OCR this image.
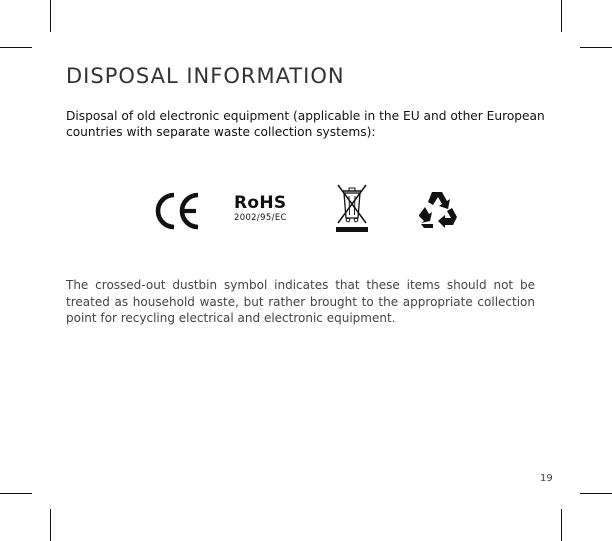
DISPOSAL INFORMATION

Disposal of old electronic equipment (applicable in the EU and other European countries with separate waste collection systems):

RoHS
2002/95/EC

The crossed-out dustbin symbol indicates that these items should not be treated as household waste, but rather brought to the appropriate collection point for recycling electrical and electronic equipment.

19
